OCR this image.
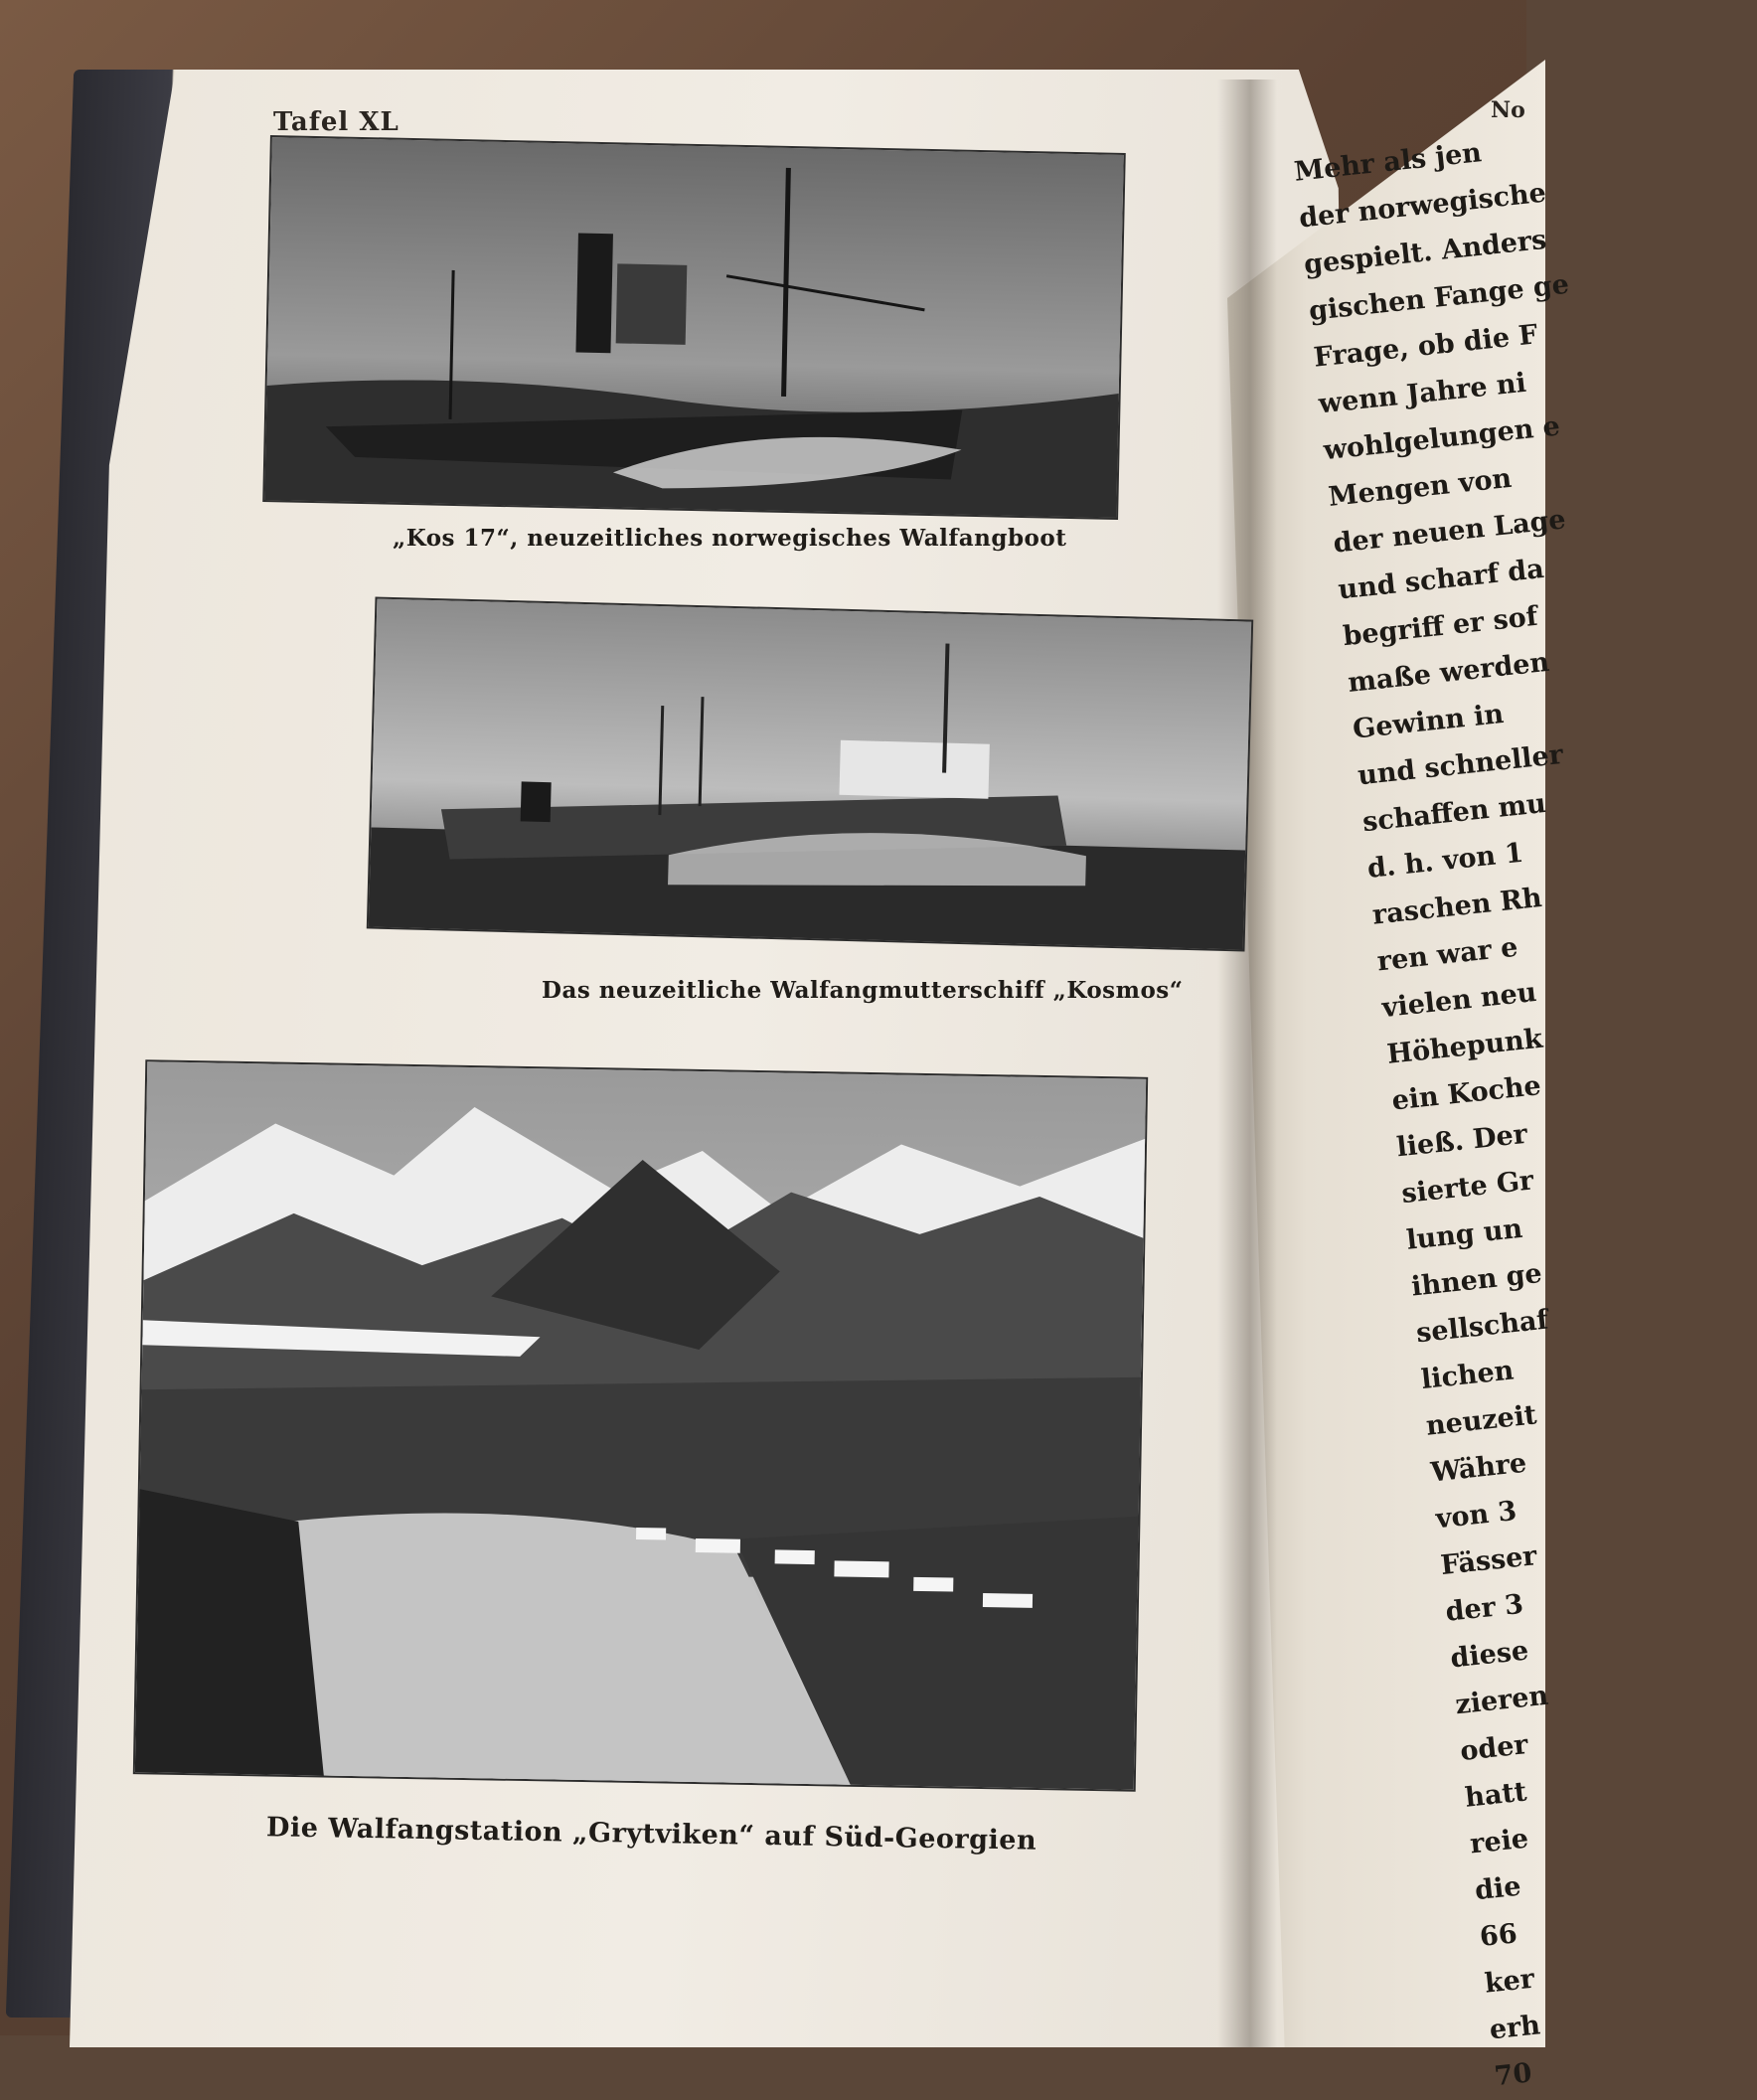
Tafel XL
„Kos 17“, neuzeitliches norwegisches Walfangboot
Das neuzeitliche Walfangmutterschiff „Kosmos“
Die Walfangstation „Grytviken“ auf Süd-Georgien
No
Mehr als jen
der norwegische
gespielt. Anders
gischen Fange ge
Frage, ob die F
wenn Jahre ni
wohlgelungen e
Mengen von
der neuen Lage
und scharf da
begriff er sof
maße werden
Gewinn in
und schneller
schaffen mu
d. h. von 1
raschen Rh
ren war e
vielen neu
Höhepunk
ein Koche
ließ. Der
sierte Gr
lung un
ihnen ge
sellschaf
lichen
neuzeit
Währe
von 3
Fässer
der 3
diese
zieren
oder
hatt
reie
die
66
ker
erh
70
